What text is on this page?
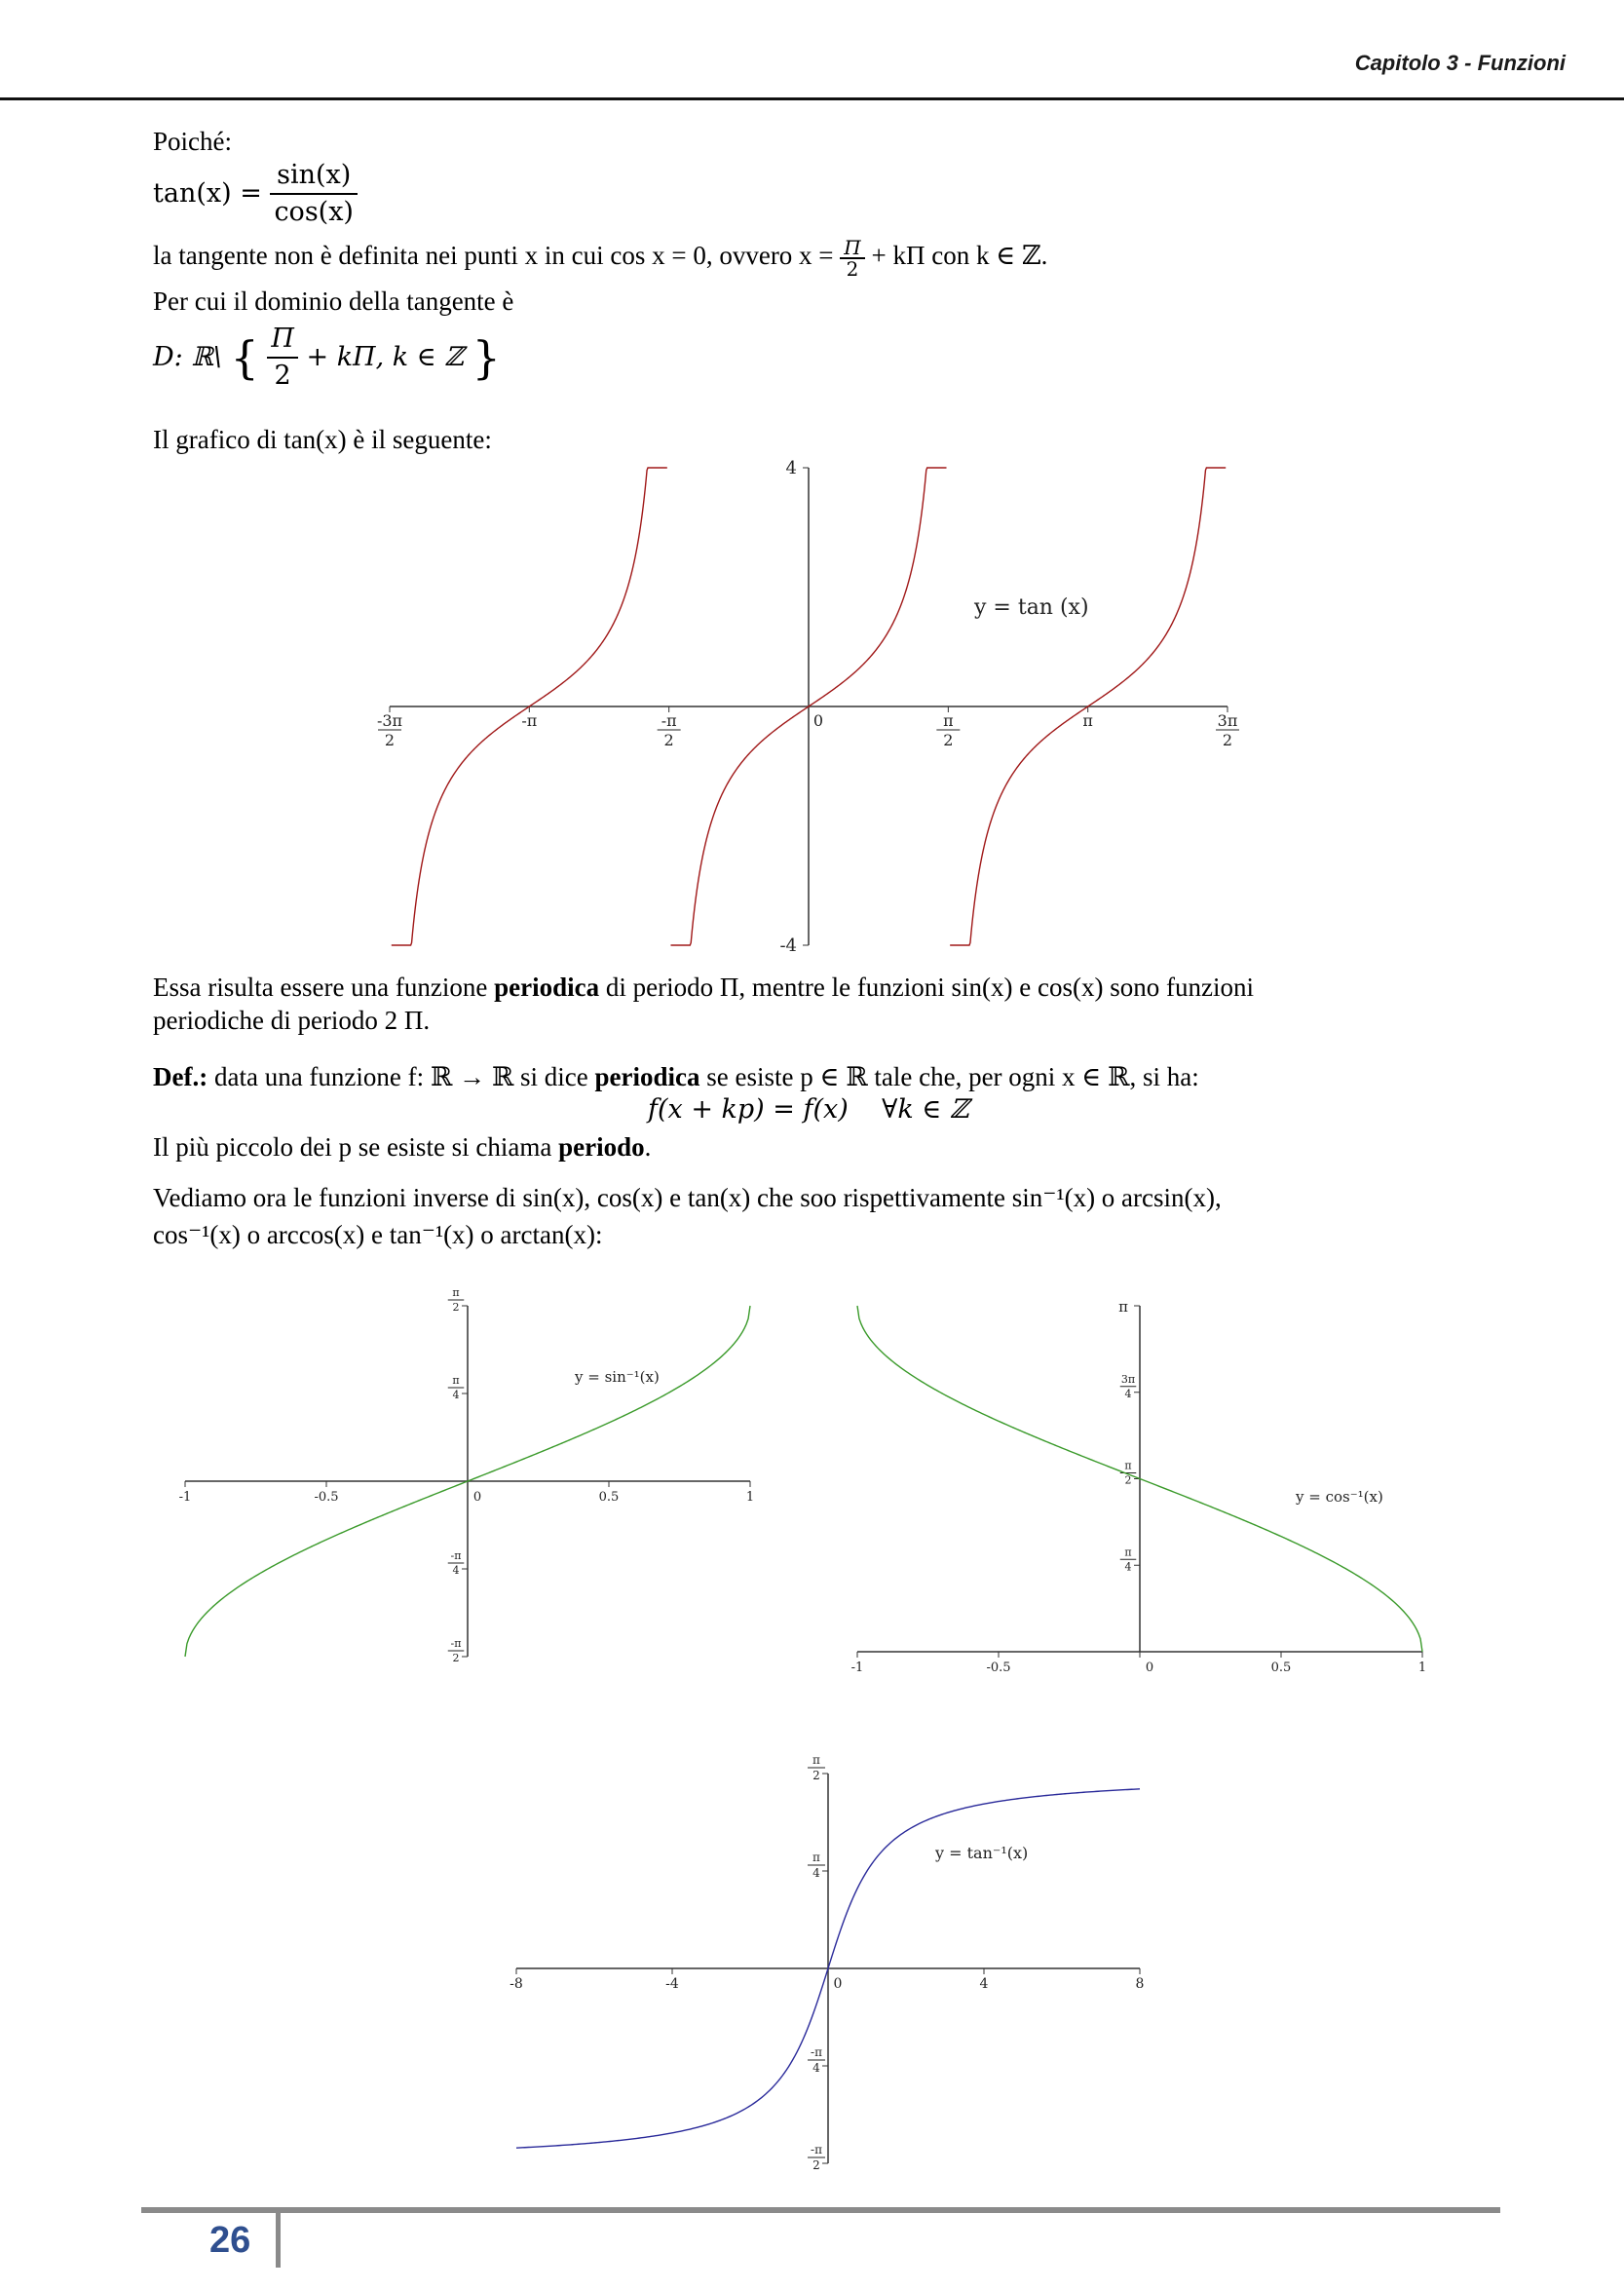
Capitolo 3 - Funzioni
Poiché:
$\tan(x) = \frac{\sin(x)}{\cos(x)}$
la tangente non è definita nei punti x in cui cos x = 0, ovvero $x = \frac{\Pi}{2} + k\Pi$ con k ∈ ℤ.
Per cui il dominio della tangente è
D: ℝ\ { $\frac{\Pi}{2} + k\Pi$, k ∈ ℤ }
Il grafico di tan(x) è il seguente:
-3π
2
-π	-π
2
0	π
2
π	3π
2
4
-4
y = tan (x)
Essa risulta essere una funzione periodica di periodo Π, mentre le funzioni sin(x) e cos(x) sono funzioni
periodiche di periodo 2 Π.
Def.: data una funzione f: ℝ → ℝ si dice periodica se esiste p ∈ ℝ tale che, per ogni x ∈ ℝ, si ha:
f(x + kp) = f(x)    ∀k ∈ ℤ
Il più piccolo dei p se esiste si chiama periodo.
Vediamo ora le funzioni inverse di sin(x), cos(x) e tan(x) che soo rispettivamente sin⁻¹(x) o arcsin(x),
cos⁻¹(x) o arccos(x) e tan⁻¹(x) o arctan(x):
-1	-0.5	0	0.5	1
π
2
π
4
-π
4
-π
2
y = sin⁻¹(x)
-1	-0.5	0	0.5	1
π
3π
4
π
2
π
4
y = cos⁻¹(x)
-8	-4	0	4	8
π
2
π
4
-π
4
-π
2
y = tan⁻¹(x)
26
